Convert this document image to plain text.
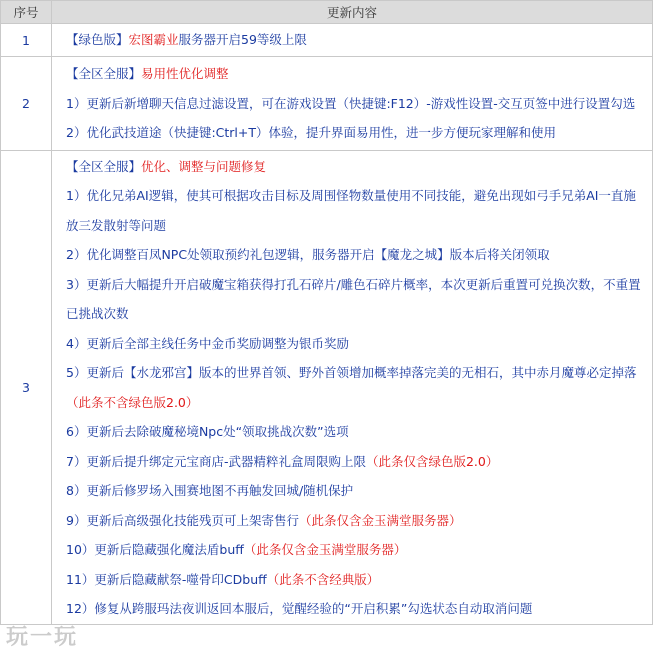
序号	更新内容
1	【绿色版】宏图霸业服务器开启59等级上限
2
【全区全服】易用性优化调整
1）更新后新增聊天信息过滤设置，可在游戏设置（快捷键:F12）-游戏性设置-交互页签中进行设置勾选
2）优化武技道途（快捷键:Ctrl+T）体验，提升界面易用性，进一步方便玩家理解和使用
3
【全区全服】优化、调整与问题修复
1）优化兄弟AI逻辑，使其可根据攻击目标及周围怪物数量使用不同技能，避免出现如弓手兄弟AI一直施放三发散射等问题
2）优化调整百凤NPC处领取预约礼包逻辑，服务器开启【魔龙之城】版本后将关闭领取
3）更新后大幅提升开启破魔宝箱获得打孔石碎片/雕色石碎片概率，本次更新后重置可兑换次数，不重置已挑战次数
4）更新后全部主线任务中金币奖励调整为银币奖励
5）更新后【水龙邪宫】版本的世界首领、野外首领增加概率掉落完美的无相石，其中赤月魔尊必定掉落（此条不含绿色版2.0）
6）更新后去除破魔秘境Npc处“领取挑战次数”选项
7）更新后提升绑定元宝商店-武器精粹礼盒周限购上限（此条仅含绿色版2.0）
8）更新后修罗场入围赛地图不再触发回城/随机保护
9）更新后高级强化技能残页可上架寄售行（此条仅含金玉满堂服务器）
10）更新后隐藏强化魔法盾buff（此条仅含金玉满堂服务器）
11）更新后隐藏献祭-噬骨印CDbuff（此条不含经典版）
12）修复从跨服玛法夜训返回本服后，觉醒经验的“开启积累”勾选状态自动取消问题
玩一玩
